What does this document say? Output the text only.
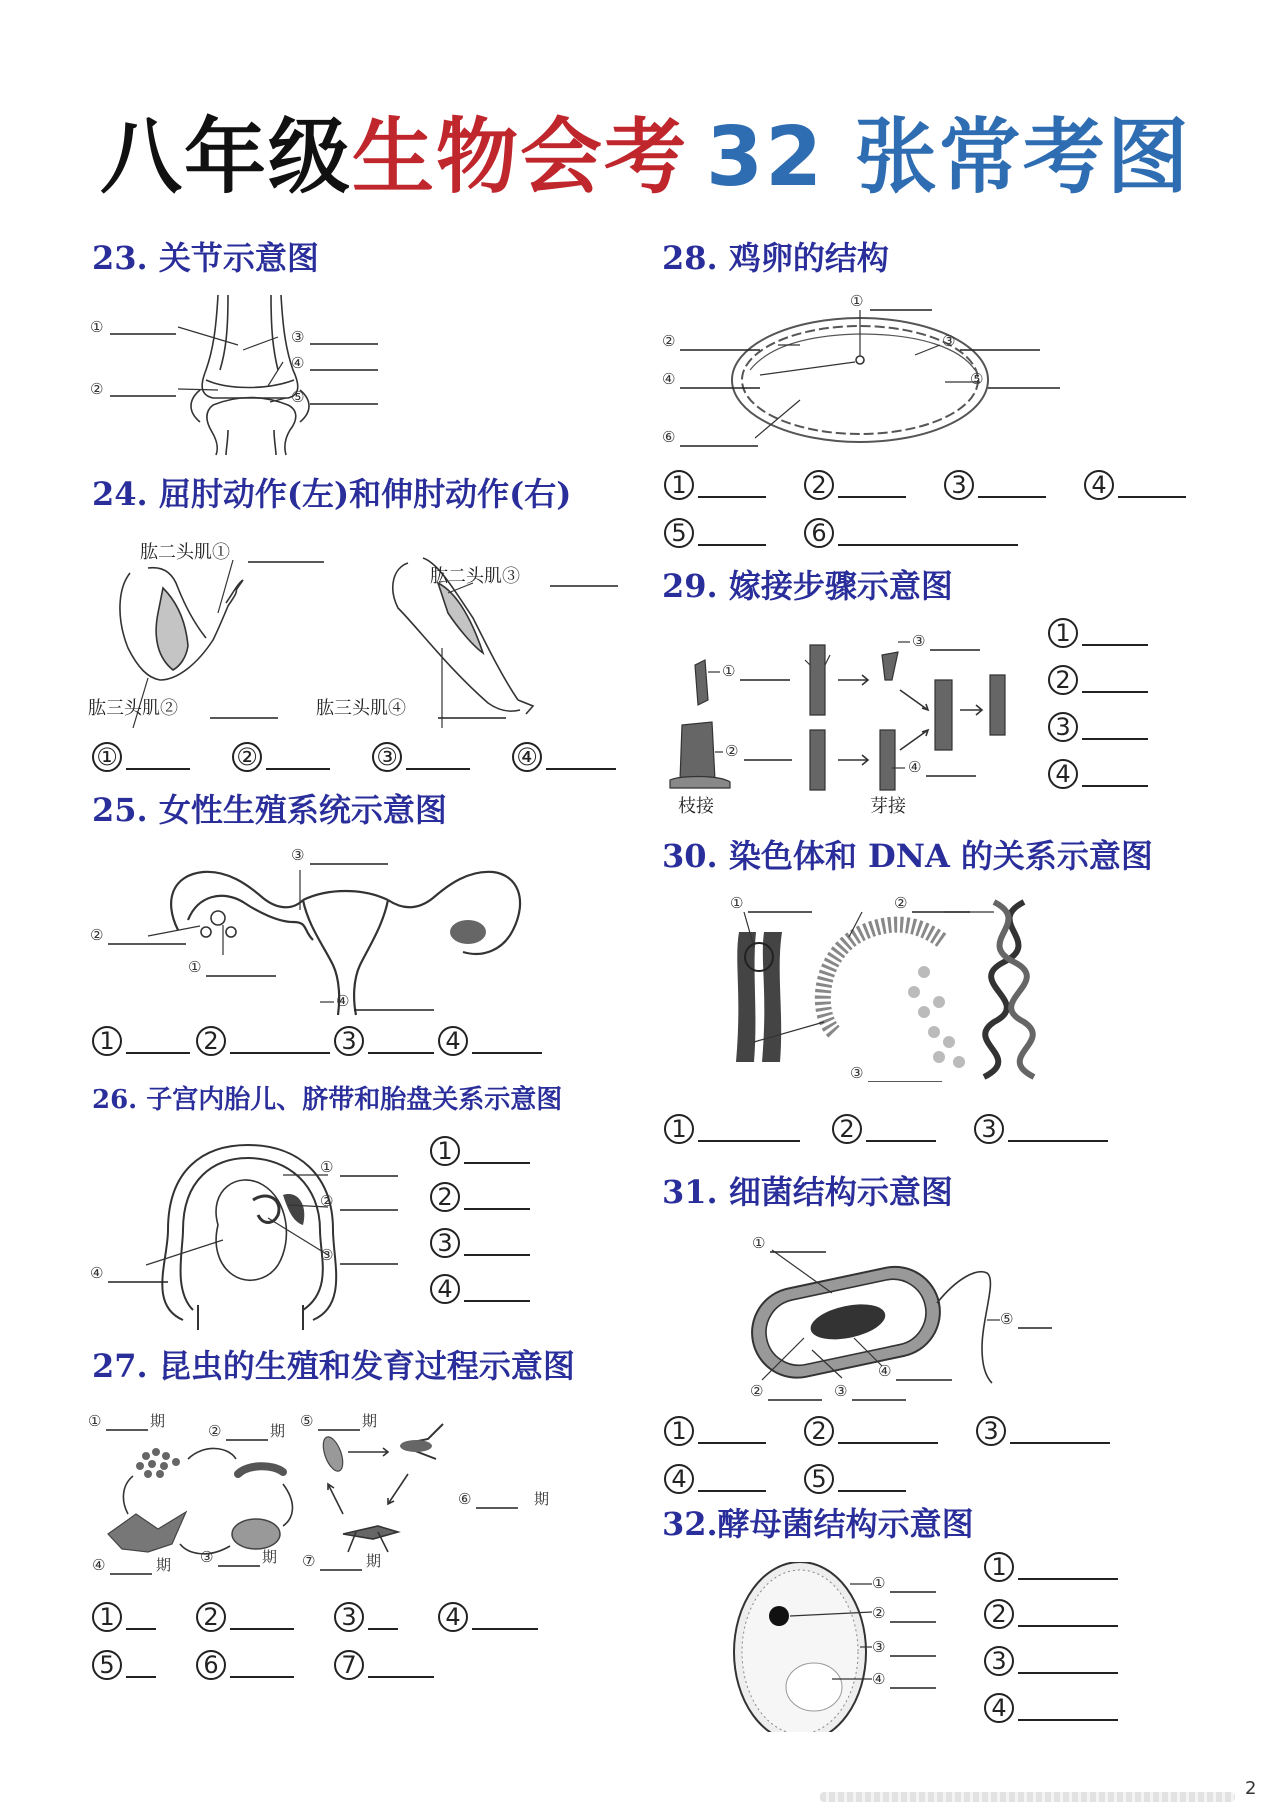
八年级生物会考 32 张常考图
23. 关节示意图
①
②
③
④
⑤
24. 屈肘动作(左)和伸肘动作(右)
肱二头肌①
肱三头肌②
肱二头肌③
肱三头肌④
①	②	③	④
25. 女性生殖系统示意图
③
②
①
④
1	2	3	4
26. 子宫内胎儿、脐带和胎盘关系示意图
①
②
③
④
1
2
3
4
27. 昆虫的生殖和发育过程示意图
①	期
②	期
③	期
④	期
⑤	期
⑥	期
⑦	期
1	2	3	4
5	6	7
28. 鸡卵的结构
①
②	③
④	⑤
⑥
1	2	3	4
5	6
29. 嫁接步骤示意图
①
②
③
④
枝接	芽接
1
2
3
4
30. 染色体和 DNA 的关系示意图
①	②
③
1	2	3
31. 细菌结构示意图
①
②	③
④
⑤
1	2	3
4	5
32.酵母菌结构示意图
①
②
③
④
1
2
3
4
2
